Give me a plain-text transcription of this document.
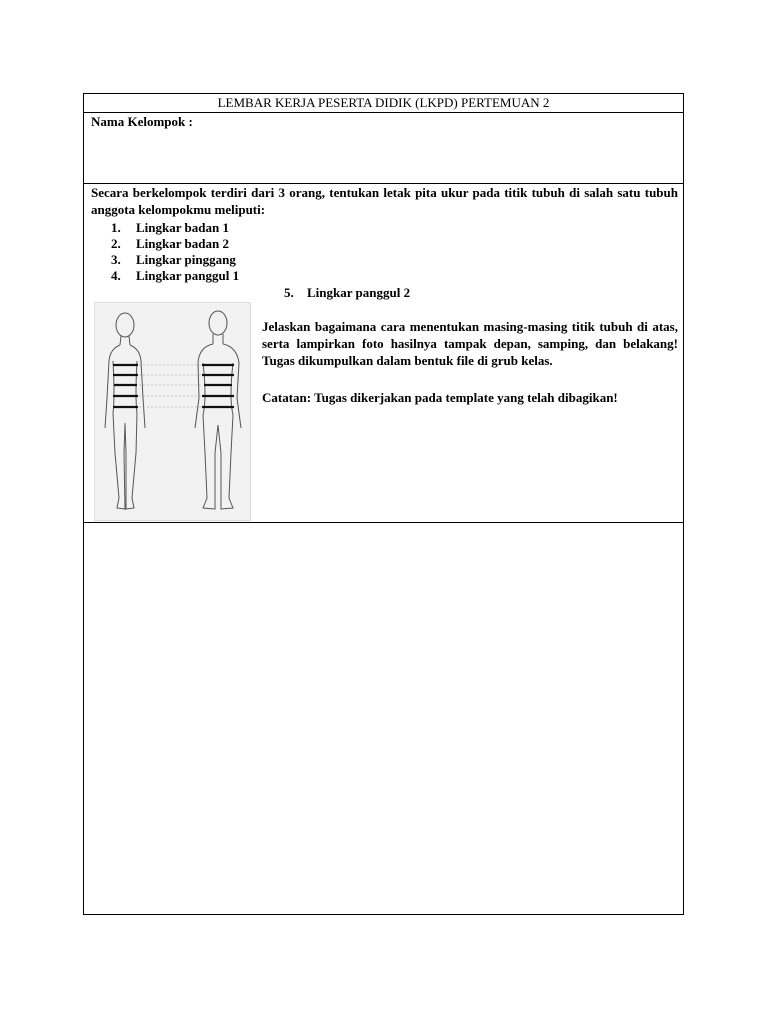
LEMBAR KERJA PESERTA DIDIK (LKPD) PERTEMUAN 2
Nama Kelompok :
Secara berkelompok terdiri dari 3 orang, tentukan letak pita ukur pada titik tubuh di salah satu tubuh anggota kelompokmu meliputi:
1. Lingkar badan 1
2. Lingkar badan 2
3. Lingkar pinggang
4. Lingkar panggul 1
5. Lingkar panggul 2
Jelaskan bagaimana cara menentukan masing-masing titik tubuh di atas, serta lampirkan foto hasilnya tampak depan, samping, dan belakang! Tugas dikumpulkan dalam bentuk file di grub kelas.
Catatan: Tugas dikerjakan pada template yang telah dibagikan!
